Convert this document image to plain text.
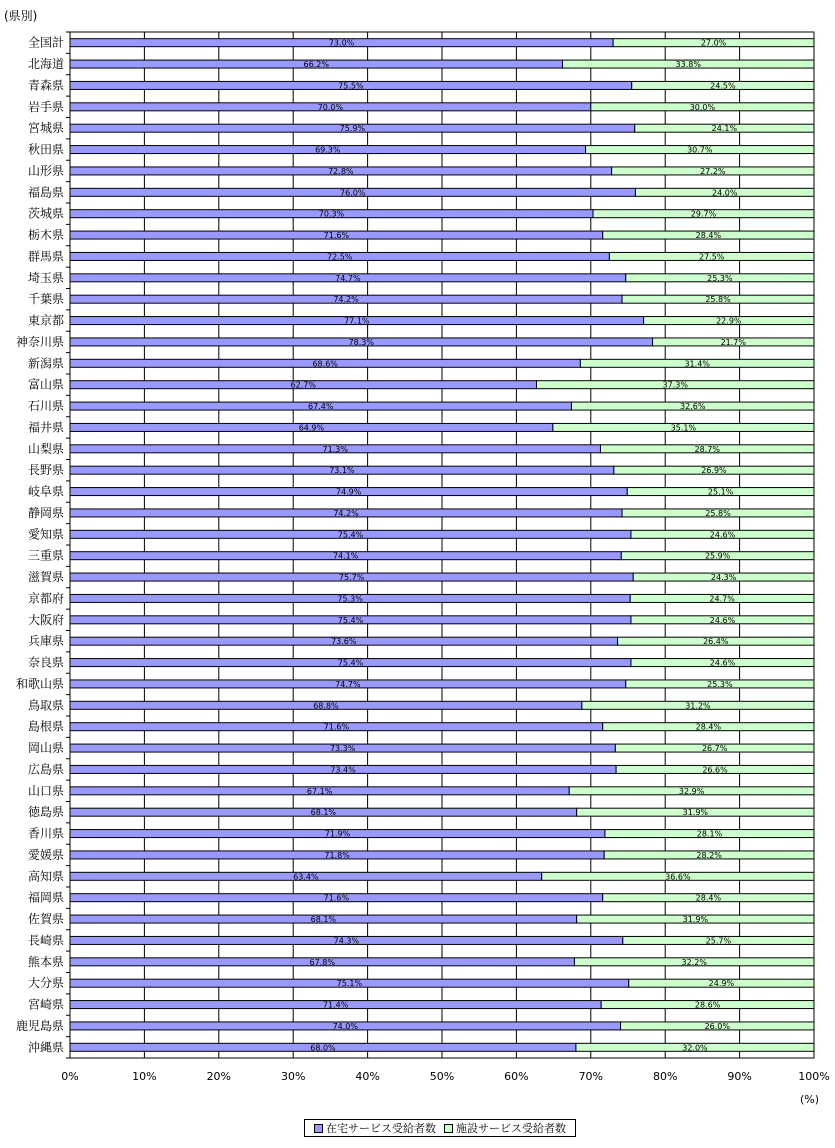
0%	10%	20%	30%	40%	50%	60%	70%	80%	90%	100%
(%)
(県別)
全国計	73.0%	27.0%
北海道	66.2%	33.8%
青森県	75.5%	24.5%
岩手県	70.0%	30.0%
宮城県	75.9%	24.1%
秋田県	69.3%	30.7%
山形県	72.8%	27.2%
福島県	76.0%	24.0%
茨城県	70.3%	29.7%
栃木県	71.6%	28.4%
群馬県	72.5%	27.5%
埼玉県	74.7%	25.3%
千葉県	74.2%	25.8%
東京都	77.1%	22.9%
神奈川県	78.3%	21.7%
新潟県	68.6%	31.4%
富山県	62.7%	37.3%
石川県	67.4%	32.6%
福井県	64.9%	35.1%
山梨県	71.3%	28.7%
長野県	73.1%	26.9%
岐阜県	74.9%	25.1%
静岡県	74.2%	25.8%
愛知県	75.4%	24.6%
三重県	74.1%	25.9%
滋賀県	75.7%	24.3%
京都府	75.3%	24.7%
大阪府	75.4%	24.6%
兵庫県	73.6%	26.4%
奈良県	75.4%	24.6%
和歌山県	74.7%	25.3%
鳥取県	68.8%	31.2%
島根県	71.6%	28.4%
岡山県	73.3%	26.7%
広島県	73.4%	26.6%
山口県	67.1%	32.9%
徳島県	68.1%	31.9%
香川県	71.9%	28.1%
愛媛県	71.8%	28.2%
高知県	63.4%	36.6%
福岡県	71.6%	28.4%
佐賀県	68.1%	31.9%
長崎県	74.3%	25.7%
熊本県	67.8%	32.2%
大分県	75.1%	24.9%
宮崎県	71.4%	28.6%
鹿児島県	74.0%	26.0%
沖縄県	68.0%	32.0%
在宅サービス受給者数 施設サービス受給者数
